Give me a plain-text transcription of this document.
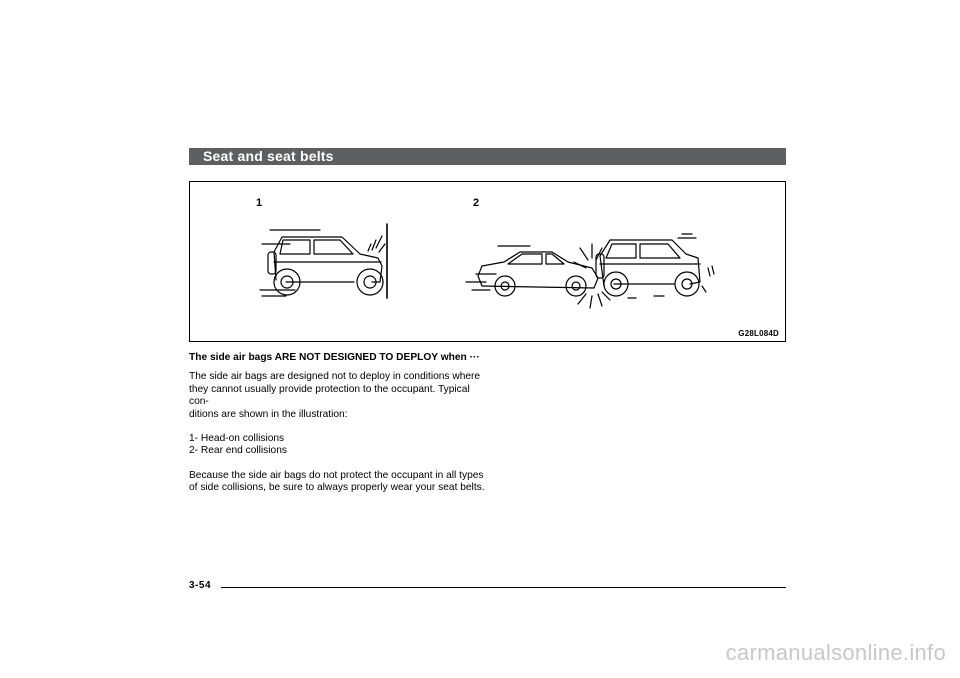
Seat and seat belts
1	2
G28L084D

The side air bags ARE NOT DESIGNED TO DEPLOY when ···

The side air bags are designed not to deploy in conditions where
they cannot usually provide protection to the occupant. Typical con-
ditions are shown in the illustration:

1- Head-on collisions
2- Rear end collisions

Because the side air bags do not protect the occupant in all types
of side collisions, be sure to always properly wear your seat belts.

3-54
carmanualsonline.info
